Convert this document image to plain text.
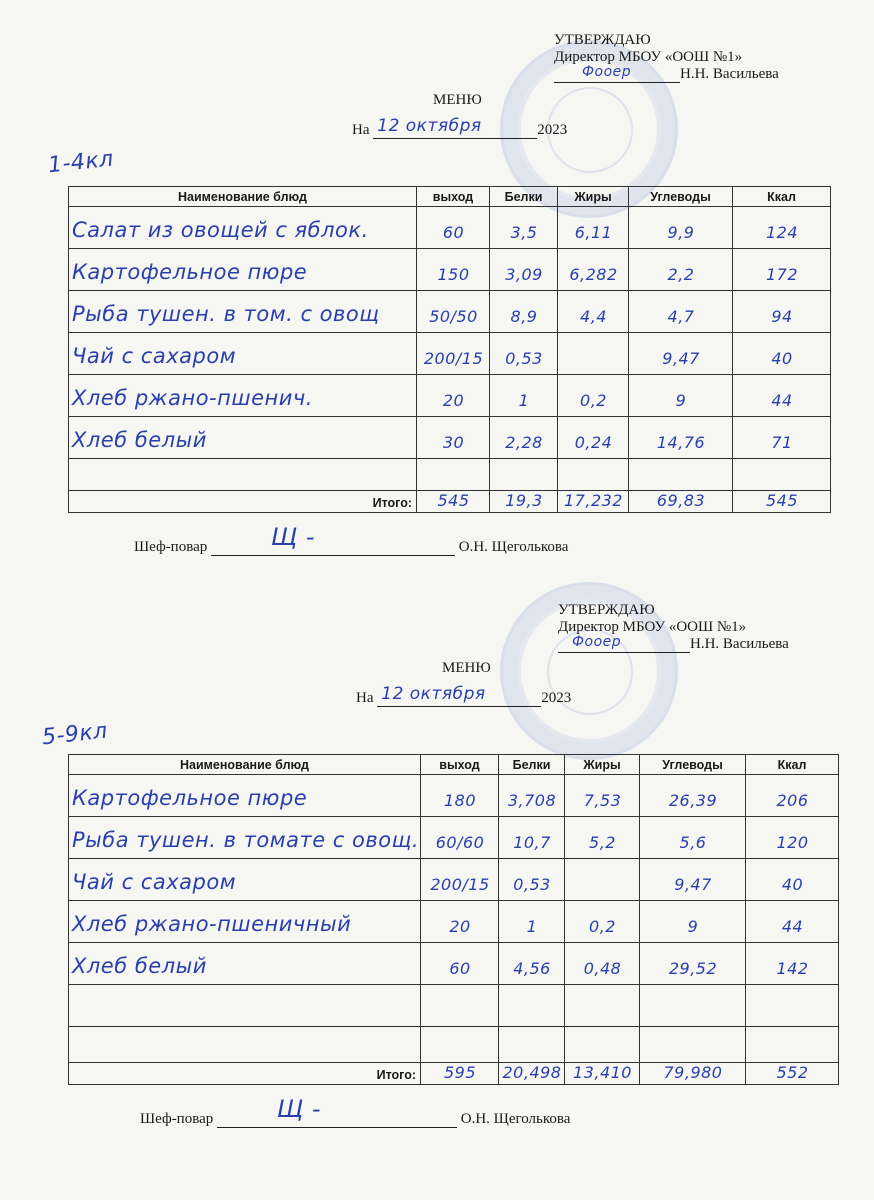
УТВЕРЖДАЮ
Директор МБОУ «ООШ №1»
Фооер	Н.Н. Васильева
МЕНЮ
На 12 октября	2023
1-4кл
Наименование блюд	выход	Белки	Жиры	Углеводы	Ккал
Салат из овощей с яблок.	60	3,5	6,11	9,9	124
Картофельное пюре	150	3,09	6,282	2,2	172
Рыба тушен. в том. с овощ	50/50	8,9	4,4	4,7	94
Чай с сахаром	200/15	0,53		9,47	40
Хлеб ржано-пшенич.	20	1	0,2	9	44
Хлеб белый	30	2,28	0,24	14,76	71

Итого:	545	19,3	17,232	69,83	545
Шеф-повар	Щ -	О.Н. Щеголькова
УТВЕРЖДАЮ
Директор МБОУ «ООШ №1»
Фооер	Н.Н. Васильева
МЕНЮ
На 12 октября	2023
5-9кл
Наименование блюд	выход	Белки	Жиры	Углеводы	Ккал
Картофельное пюре	180	3,708	7,53	26,39	206
Рыба тушен. в томате с овощ.	60/60	10,7	5,2	5,6	120
Чай с сахаром	200/15	0,53		9,47	40
Хлеб ржано-пшеничный	20	1	0,2	9	44
Хлеб белый	60	4,56	0,48	29,52	142

Итого:	595	20,498	13,410	79,980	552
Шеф-повар	Щ -	О.Н. Щеголькова
